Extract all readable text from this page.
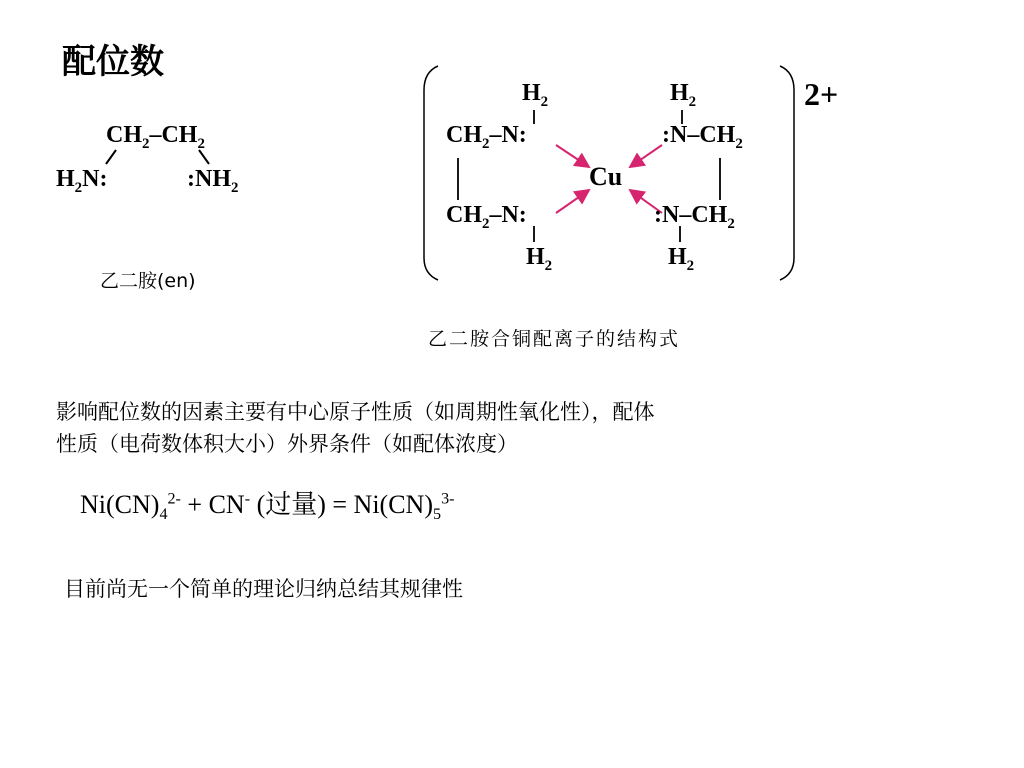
配位数
$CH_2-CH_2$
$H_2N$:	$:NH_2$
乙二胺(en)
2+
$H_2$	$H_2$
$CH_2-N$:	$:N-CH_2$
Cu
$CH_2-N$:	$:N-CH_2$
$H_2$	$H_2$
乙二胺合铜配离子的结构式
影响配位数的因素主要有中心原子性质（如周期性氧化性），配体
性质（电荷数体积大小）外界条件（如配体浓度）
$Ni(CN)_4^{2-} + CN^-$ (过量) = $Ni(CN)_5^{3-}$
目前尚无一个简单的理论归纳总结其规律性
